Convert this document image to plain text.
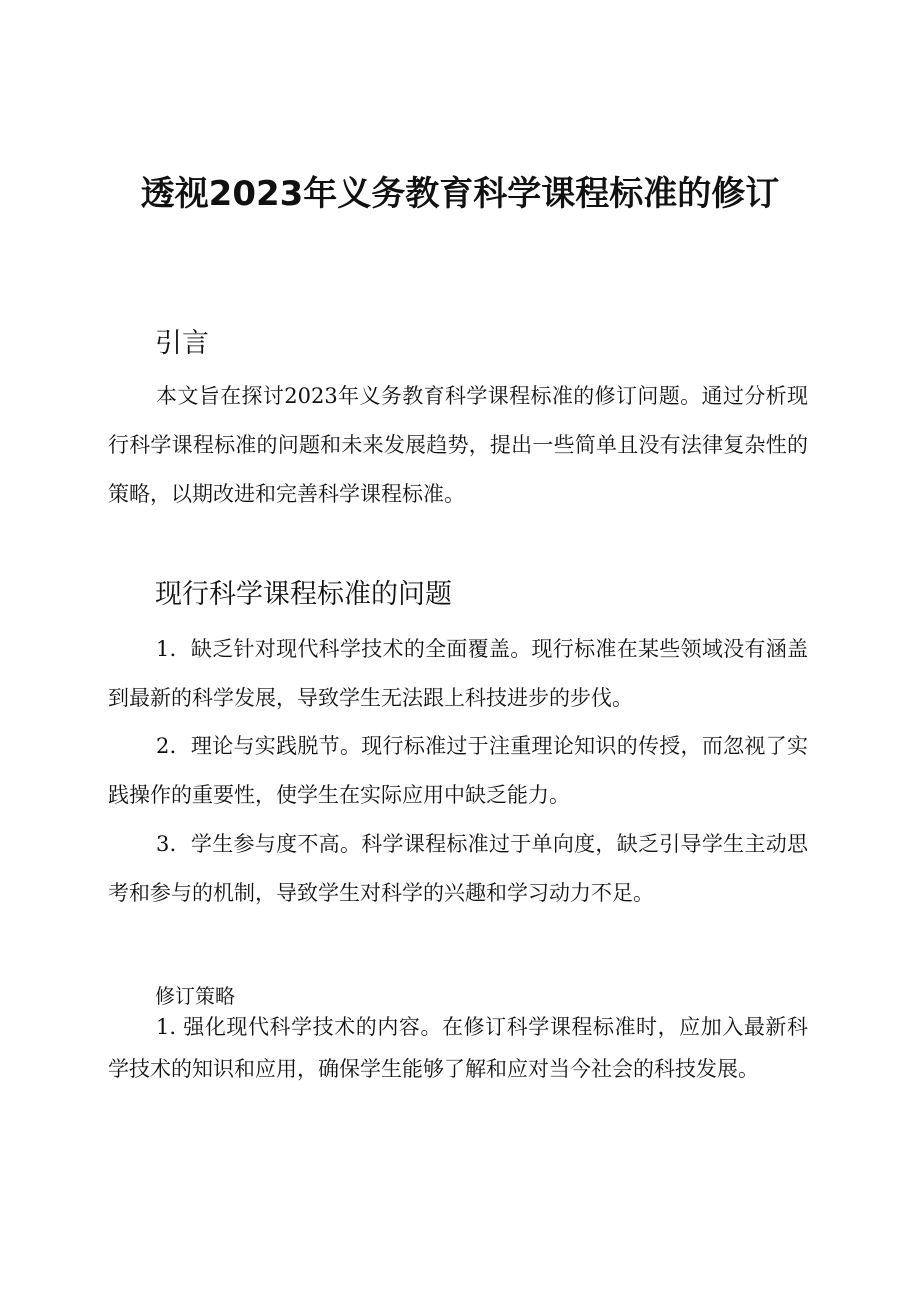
透视2023年义务教育科学课程标准的修订
引言

本文旨在探讨2023年义务教育科学课程标准的修订问题。通过分析现行科学课程标准的问题和未来发展趋势，提出一些简单且没有法律复杂性的策略，以期改进和完善科学课程标准。

现行科学课程标准的问题

1．缺乏针对现代科学技术的全面覆盖。现行标准在某些领域没有涵盖到最新的科学发展，导致学生无法跟上科技进步的步伐。

2．理论与实践脱节。现行标准过于注重理论知识的传授，而忽视了实践操作的重要性，使学生在实际应用中缺乏能力。

3．学生参与度不高。科学课程标准过于单向度，缺乏引导学生主动思考和参与的机制，导致学生对科学的兴趣和学习动力不足。

修订策略

1. 强化现代科学技术的内容。在修订科学课程标准时，应加入最新科学技术的知识和应用，确保学生能够了解和应对当今社会的科技发展。
